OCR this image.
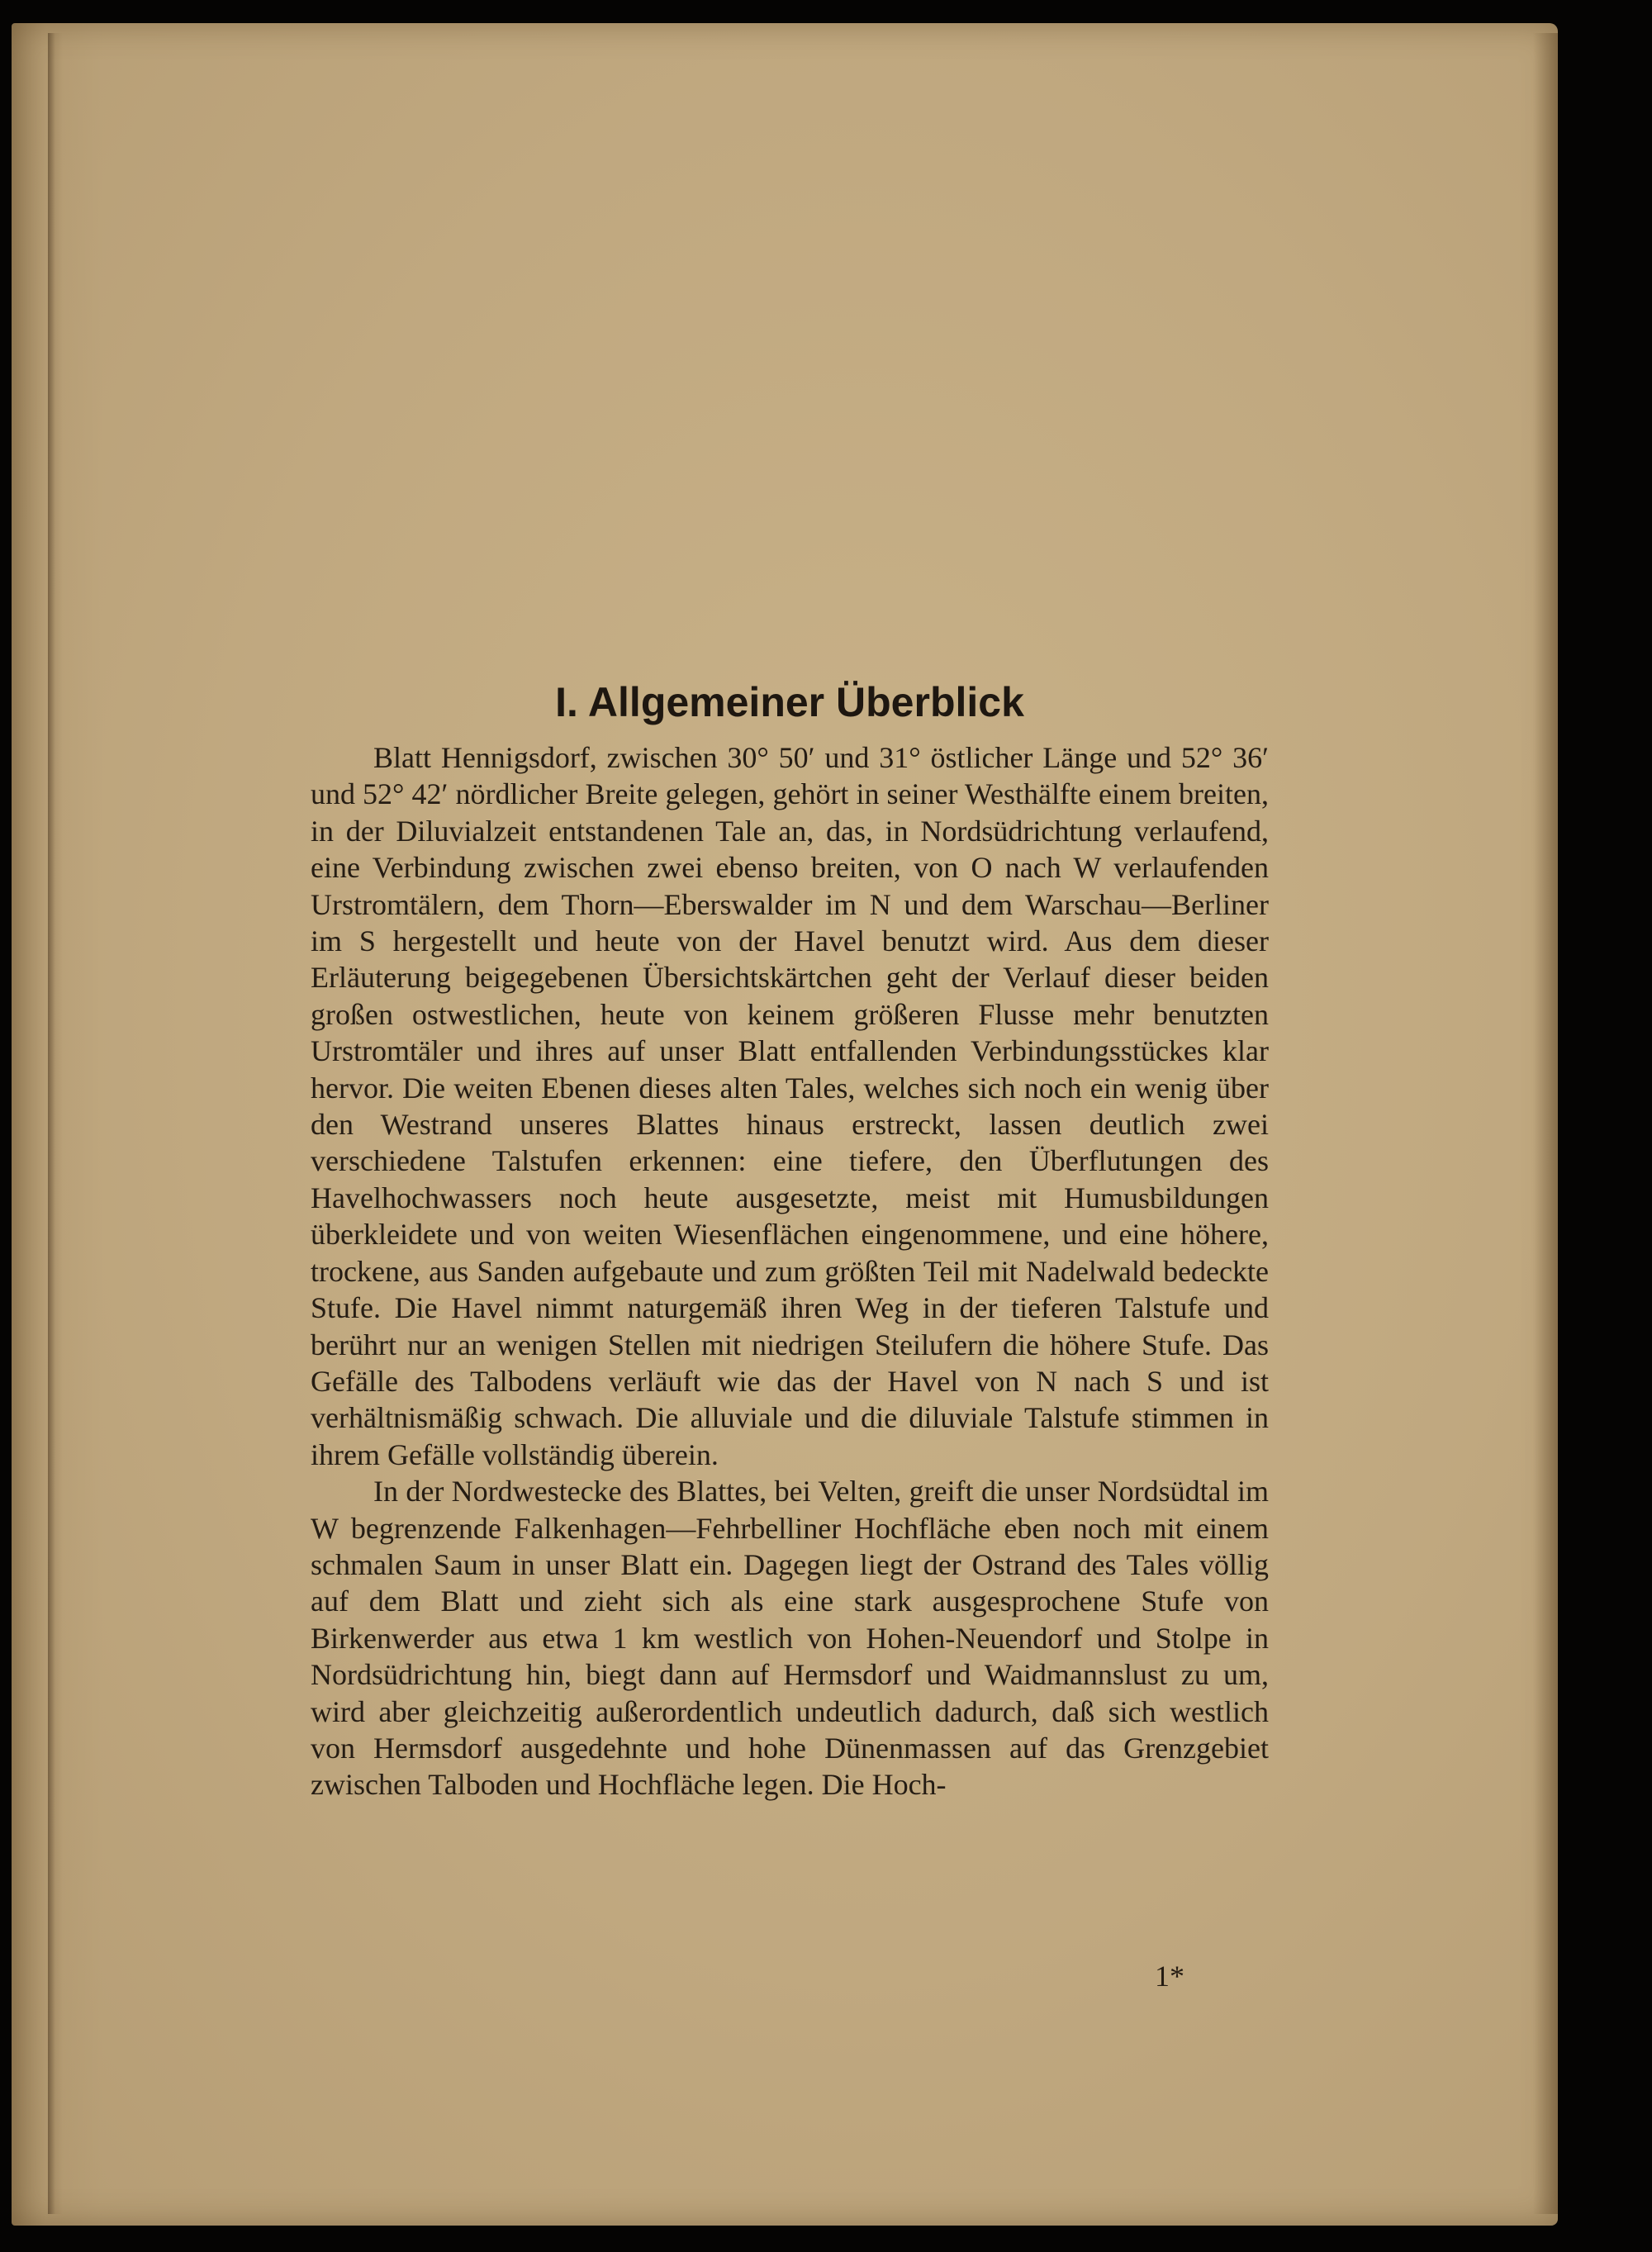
I. Allgemeiner Überblick

Blatt Hennigsdorf, zwischen 30° 50′ und 31° östlicher Länge und 52° 36′ und 52° 42′ nördlicher Breite gelegen, gehört in seiner Westhälfte einem breiten, in der Diluvialzeit entstandenen Tale an, das, in Nordsüdrichtung verlaufend, eine Verbindung zwischen zwei ebenso breiten, von O nach W verlaufenden Urstromtälern, dem Thorn—Eberswalder im N und dem Warschau—Berliner im S hergestellt und heute von der Havel benutzt wird. Aus dem dieser Erläuterung beigegebenen Übersichtskärtchen geht der Verlauf dieser beiden großen ostwestlichen, heute von keinem größeren Flusse mehr benutzten Urstromtäler und ihres auf unser Blatt entfallenden Verbindungsstückes klar hervor. Die weiten Ebenen dieses alten Tales, welches sich noch ein wenig über den Westrand unseres Blattes hinaus erstreckt, lassen deutlich zwei verschiedene Talstufen erkennen: eine tiefere, den Überflutungen des Havelhochwassers noch heute ausgesetzte, meist mit Humusbildungen überkleidete und von weiten Wiesenflächen eingenommene, und eine höhere, trockene, aus Sanden aufgebaute und zum größten Teil mit Nadelwald bedeckte Stufe. Die Havel nimmt naturgemäß ihren Weg in der tieferen Talstufe und berührt nur an wenigen Stellen mit niedrigen Steilufern die höhere Stufe. Das Gefälle des Talbodens verläuft wie das der Havel von N nach S und ist verhältnismäßig schwach. Die alluviale und die diluviale Talstufe stimmen in ihrem Gefälle vollständig überein.

In der Nordwestecke des Blattes, bei Velten, greift die unser Nordsüdtal im W begrenzende Falkenhagen—Fehrbelliner Hochfläche eben noch mit einem schmalen Saum in unser Blatt ein. Dagegen liegt der Ostrand des Tales völlig auf dem Blatt und zieht sich als eine stark ausgesprochene Stufe von Birkenwerder aus etwa 1 km westlich von Hohen-Neuendorf und Stolpe in Nordsüdrichtung hin, biegt dann auf Hermsdorf und Waidmannslust zu um, wird aber gleichzeitig außerordentlich undeutlich dadurch, daß sich westlich von Hermsdorf ausgedehnte und hohe Dünenmassen auf das Grenzgebiet zwischen Talboden und Hochfläche legen. Die Hoch-

1*
